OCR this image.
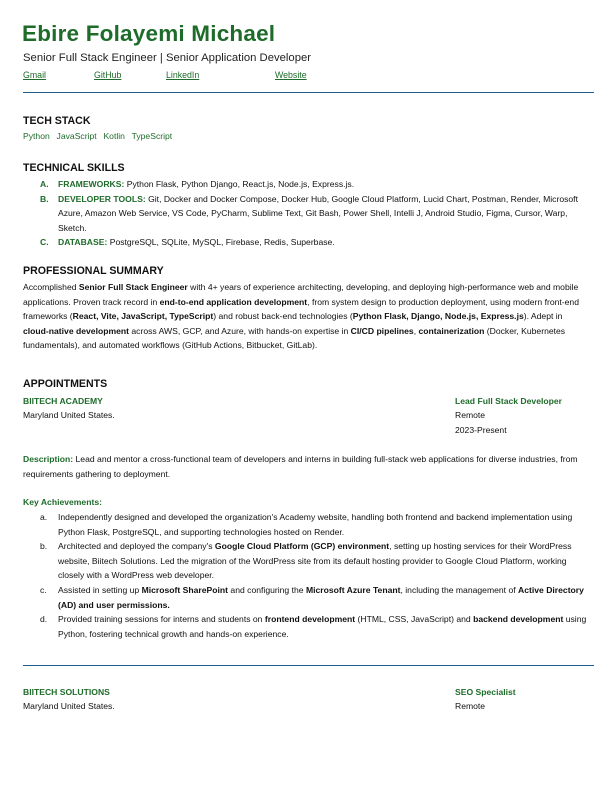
Ebire Folayemi Michael
Senior Full Stack Engineer | Senior Application Developer
Gmail	GitHub	LinkedIn	Website
TECH STACK
Python JavaScript Kotlin TypeScript
TECHNICAL SKILLS
A. FRAMEWORKS: Python Flask, Python Django, React.js, Node.js, Express.js.
B. DEVELOPER TOOLS: Git, Docker and Docker Compose, Docker Hub, Google Cloud Platform, Lucid Chart, Postman, Render, Microsoft Azure, Amazon Web Service, VS Code, PyCharm, Sublime Text, Git Bash, Power Shell, Intelli J, Android Studio, Figma, Cursor, Warp, Sketch.
C. DATABASE: PostgreSQL, SQLite, MySQL, Firebase, Redis, Superbase.
PROFESSIONAL SUMMARY
Accomplished Senior Full Stack Engineer with 4+ years of experience architecting, developing, and deploying high-performance web and mobile applications. Proven track record in end-to-end application development, from system design to production deployment, using modern front-end frameworks (React, Vite, JavaScript, TypeScript) and robust back-end technologies (Python Flask, Django, Node.js, Express.js). Adept in cloud-native development across AWS, GCP, and Azure, with hands-on expertise in CI/CD pipelines, containerization (Docker, Kubernetes fundamentals), and automated workflows (GitHub Actions, Bitbucket, GitLab).
APPOINTMENTS
BIITECH ACADEMY
Maryland United States.
Lead Full Stack Developer
Remote
2023-Present
Description: Lead and mentor a cross-functional team of developers and interns in building full-stack web applications for diverse industries, from requirements gathering to deployment.
Key Achievements:
a. Independently designed and developed the organization's Academy website, handling both frontend and backend implementation using Python Flask, PostgreSQL, and supporting technologies hosted on Render.
b. Architected and deployed the company's Google Cloud Platform (GCP) environment, setting up hosting services for their WordPress website, Biitech Solutions. Led the migration of the WordPress site from its default hosting provider to Google Cloud Platform, working closely with a WordPress web developer.
c. Assisted in setting up Microsoft SharePoint and configuring the Microsoft Azure Tenant, including the management of Active Directory (AD) and user permissions.
d. Provided training sessions for interns and students on frontend development (HTML, CSS, JavaScript) and backend development using Python, fostering technical growth and hands-on experience.
BIITECH SOLUTIONS
Maryland United States.
SEO Specialist
Remote
